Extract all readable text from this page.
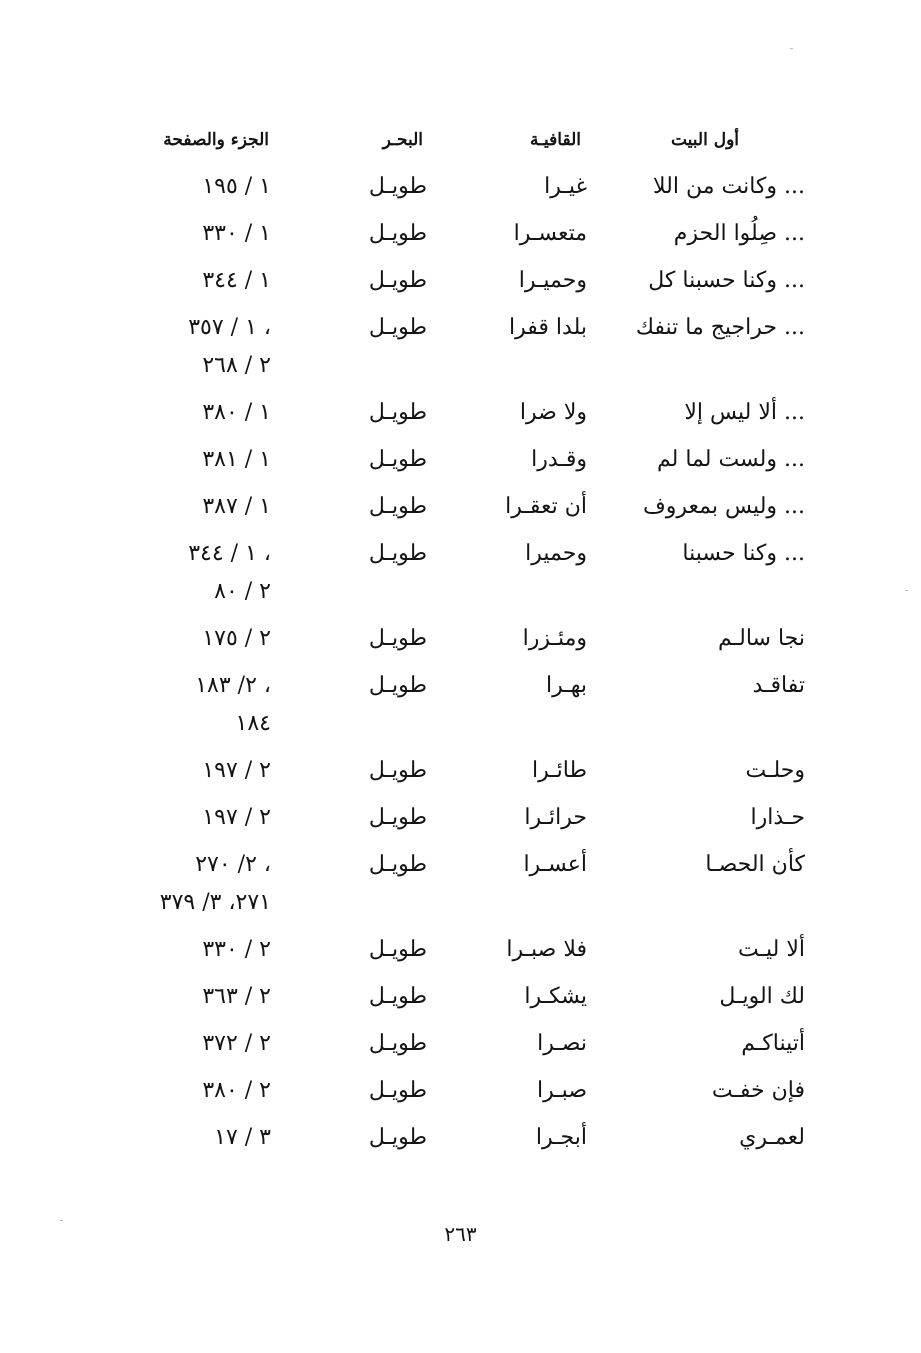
أول البيت
القافيـة
البحـر
الجزء والصفحة
وكانت من اللا ...
غيـرا
طويـل
١ / ١٩٥
صِلُوا الحزم ...
متعسـرا
طويـل
١ / ٣٣٠
وكنا حسبنا كل ...
وحميـرا
طويـل
١ / ٣٤٤
حراجيج ما تنفك ...
بلدا قفرا
طويـل
١ / ٣٥٧ ،
٢ / ٢٦٨
ألا ليس إلا ...
ولا ضرا
طويـل
١ / ٣٨٠
ولست لما لم ...
وقـدرا
طويـل
١ / ٣٨١
وليس بمعروف ...
أن تعقـرا
طويـل
١ / ٣٨٧
وكنا حسبنا ...
وحميرا
طويـل
١ / ٣٤٤ ،
٢ / ٨٠
نجا سالـم
ومئـزرا
طويـل
٢ / ١٧٥
تفاقـد
بهـرا
طويـل
٢/ ١٨٣ ،
١٨٤
وحلـت
طائـرا
طويـل
٢ / ١٩٧
حـذارا
حرائـرا
طويـل
٢ / ١٩٧
كأن الحصـا
أعسـرا
طويـل
٢/ ٢٧٠ ،
٢٧١، ٣/ ٣٧٩
ألا ليـت
فلا صبـرا
طويـل
٢ / ٣٣٠
لك الويـل
يشكـرا
طويـل
٢ / ٣٦٣
أتيناكـم
نصـرا
طويـل
٢ / ٣٧٢
فإن خفـت
صبـرا
طويـل
٢ / ٣٨٠
لعمـري
أبجـرا
طويـل
٣ / ١٧
٢٦٣
